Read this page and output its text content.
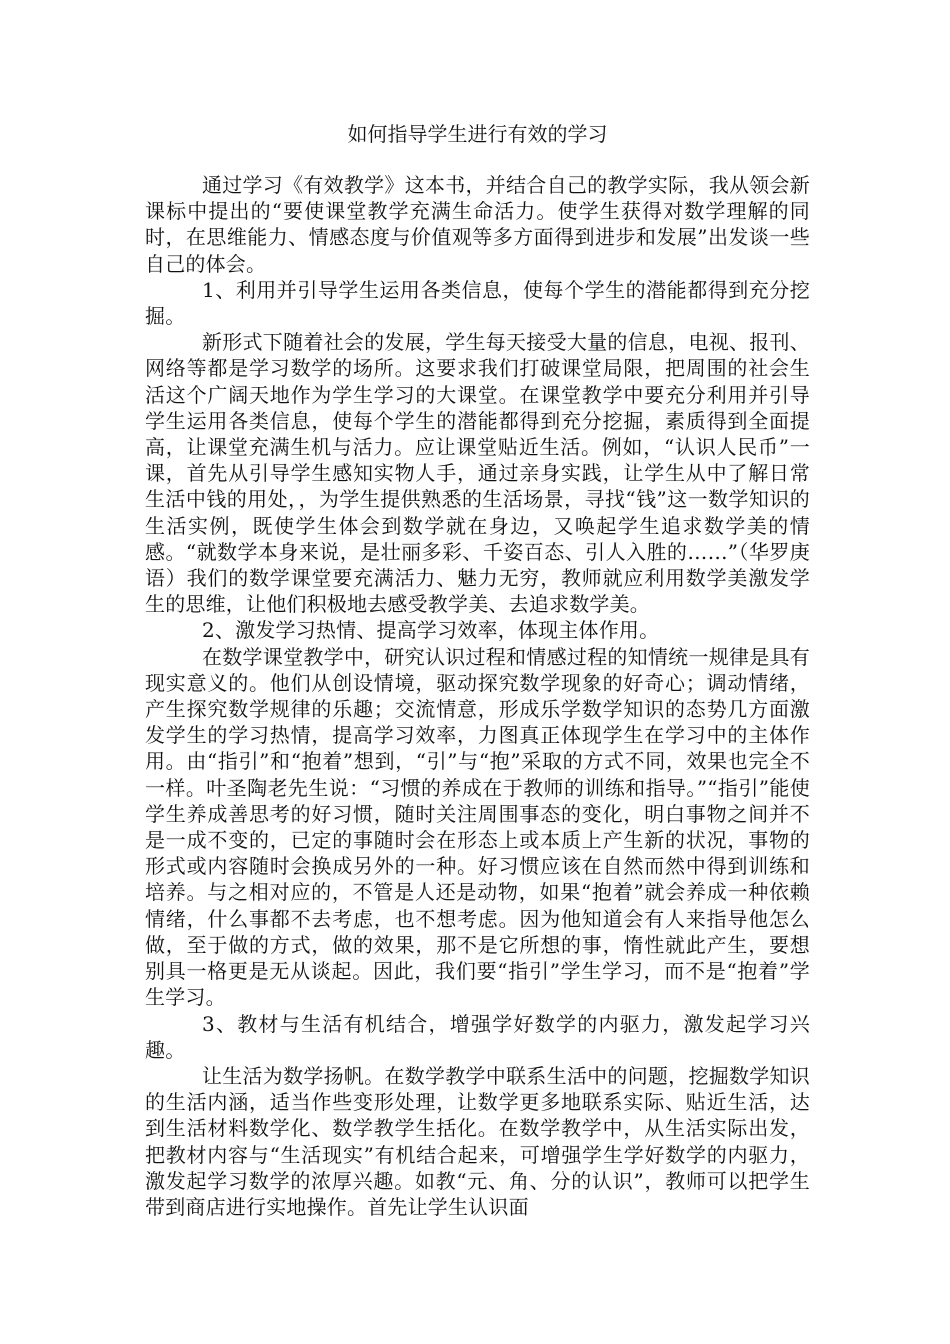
如何指导学生进行有效的学习

通过学习《有效教学》这本书，并结合自己的教学实际，我从领会新课标中提出的“要使课堂教学充满生命活力。使学生获得对数学理解的同时，在思维能力、情感态度与价值观等多方面得到进步和发展”出发谈一些自己的体会。

1、利用并引导学生运用各类信息，使每个学生的潜能都得到充分挖掘。

新形式下随着社会的发展，学生每天接受大量的信息，电视、报刊、网络等都是学习数学的场所。这要求我们打破课堂局限，把周围的社会生活这个广阔天地作为学生学习的大课堂。在课堂教学中要充分利用并引导学生运用各类信息，使每个学生的潜能都得到充分挖掘，素质得到全面提高，让课堂充满生机与活力。应让课堂贴近生活。例如，“认识人民币”一课，首先从引导学生感知实物人手，通过亲身实践，让学生从中了解日常生活中钱的用处，，为学生提供熟悉的生活场景，寻找“钱”这一数学知识的生活实例，既使学生体会到数学就在身边，又唤起学生追求数学美的情感。“就数学本身来说，是壮丽多彩、千姿百态、引人入胜的……”（华罗庚语）我们的数学课堂要充满活力、魅力无穷，教师就应利用数学美激发学生的思维，让他们积极地去感受教学美、去追求数学美。

2、激发学习热情、提高学习效率，体现主体作用。

在数学课堂教学中，研究认识过程和情感过程的知情统一规律是具有现实意义的。他们从创设情境，驱动探究数学现象的好奇心；调动情绪，产生探究数学规律的乐趣；交流情意，形成乐学数学知识的态势几方面激发学生的学习热情，提高学习效率，力图真正体现学生在学习中的主体作用。由“指引”和“抱着”想到，“引”与“抱”采取的方式不同，效果也完全不一样。叶圣陶老先生说：“习惯的养成在于教师的训练和指导。”“指引”能使学生养成善思考的好习惯，随时关注周围事态的变化，明白事物之间并不是一成不变的，已定的事随时会在形态上或本质上产生新的状况，事物的形式或内容随时会换成另外的一种。好习惯应该在自然而然中得到训练和培养。与之相对应的，不管是人还是动物，如果“抱着”就会养成一种依赖情绪，什么事都不去考虑，也不想考虑。因为他知道会有人来指导他怎么做，至于做的方式，做的效果，那不是它所想的事，惰性就此产生，要想别具一格更是无从谈起。因此，我们要“指引”学生学习，而不是“抱着”学生学习。

3、教材与生活有机结合，增强学好数学的内驱力，激发起学习兴趣。

让生活为数学扬帆。在数学教学中联系生活中的问题，挖掘数学知识的生活内涵，适当作些变形处理，让数学更多地联系实际、贴近生活，达到生活材料数学化、数学教学生括化。在数学教学中，从生活实际出发，把教材内容与“生活现实”有机结合起来，可增强学生学好数学的内驱力，激发起学习数学的浓厚兴趣。如教“元、角、分的认识”，教师可以把学生带到商店进行实地操作。首先让学生认识面
